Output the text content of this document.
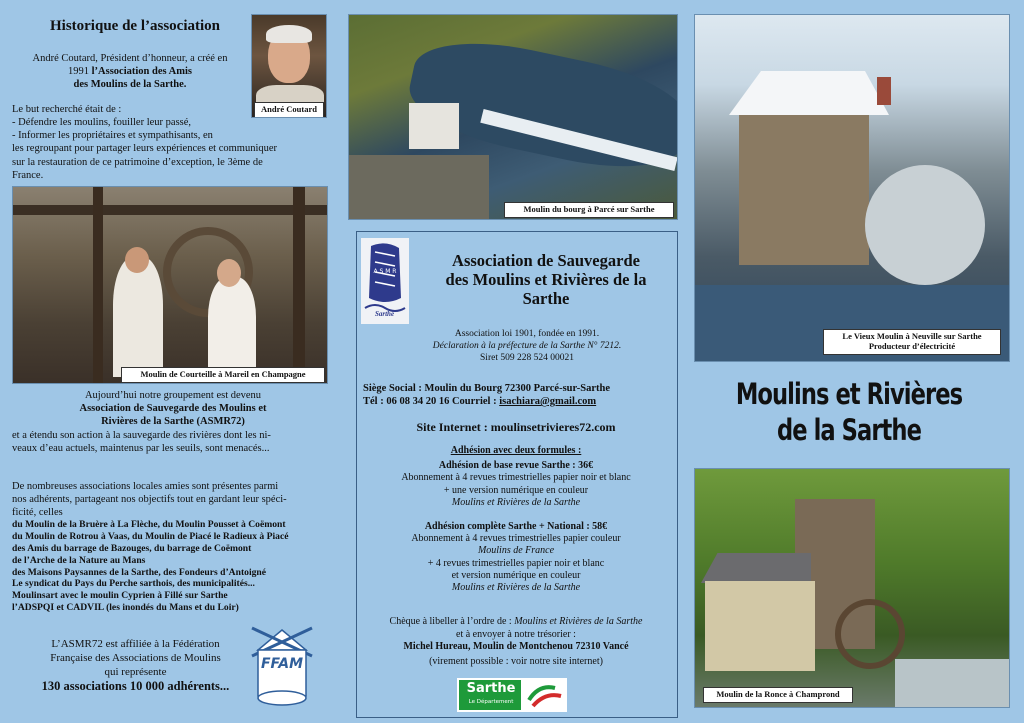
Historique de l’association
André Coutard, Président d’honneur, a créé en
1991 l’Association des Amis
des Moulins de la Sarthe.
André Coutard
Le but recherché était de :
- Défendre les moulins, fouiller leur passé,
- Informer les propriétaires et sympathisants, en
les regroupant pour partager leurs expériences et communiquer
sur la restauration de ce patrimoine d’exception, le 3ème de
France.
Moulin de Courteille à Mareil en Champagne
Aujourd’hui notre groupement est devenu
Association de Sauvegarde des Moulins et
Rivières de la Sarthe (ASMR72)
et a étendu son action à la sauvegarde des rivières dont les ni-
veaux d’eau actuels, maintenus par les seuils, sont menacés...
De nombreuses associations locales amies sont présentes parmi
nos adhérents, partageant nos objectifs tout en gardant leur spéci-
ficité, celles
du Moulin de la Bruère à La Flèche, du Moulin Pousset à Coëmont
du Moulin de Rotrou à Vaas, du Moulin de Piacé le Radieux à Piacé
des Amis du barrage de Bazouges, du barrage de Coëmont
de l’Arche de la Nature au Mans
des Maisons Paysannes de la Sarthe, des Fondeurs d’Antoigné
Le syndicat du Pays du Perche sarthois, des municipalités...
Moulinsart avec le moulin Cyprien à Fillé sur Sarthe
l’ADSPQI et CADVIL (les inondés du Mans et du Loir)
L’ASMR72 est affiliée à la Fédération
Française des Associations de Moulins
qui représente
130 associations 10 000 adhérents...
FFAM
Moulin du bourg à Parcé sur Sarthe
A S M R
Sarthe
Association de Sauvegarde
des Moulins et Rivières de la
Sarthe
Association loi 1901, fondée en 1991.
Déclaration à la préfecture de la Sarthe N° 7212.
Siret 509 228 524 00021
Siège Social : Moulin du Bourg 72300 Parcé-sur-Sarthe
Tél : 06 08 34 20 16 Courriel : isachiara@gmail.com
Site Internet : moulinsetrivieres72.com
Adhésion avec deux formules :
Adhésion de base revue Sarthe : 36€
Abonnement à 4 revues trimestrielles papier noir et blanc
+ une version numérique en couleur
Moulins et Rivières de la Sarthe
Adhésion complète Sarthe + National : 58€
Abonnement à 4 revues trimestrielles papier couleur
Moulins de France
+ 4 revues trimestrielles papier noir et blanc
et version numérique en couleur
Moulins et Rivières de la Sarthe
Chèque à libeller à l’ordre de : Moulins et Rivières de la Sarthe
et à envoyer à notre trésorier :
Michel Hureau, Moulin de Montchenou 72310 Vancé
(virement possible : voir notre site internet)
Sarthe
Le Département
Le Vieux Moulin à Neuville sur Sarthe
Producteur d’électricité
Moulins et Rivières
de la Sarthe
Moulin de la Ronce à Champrond
